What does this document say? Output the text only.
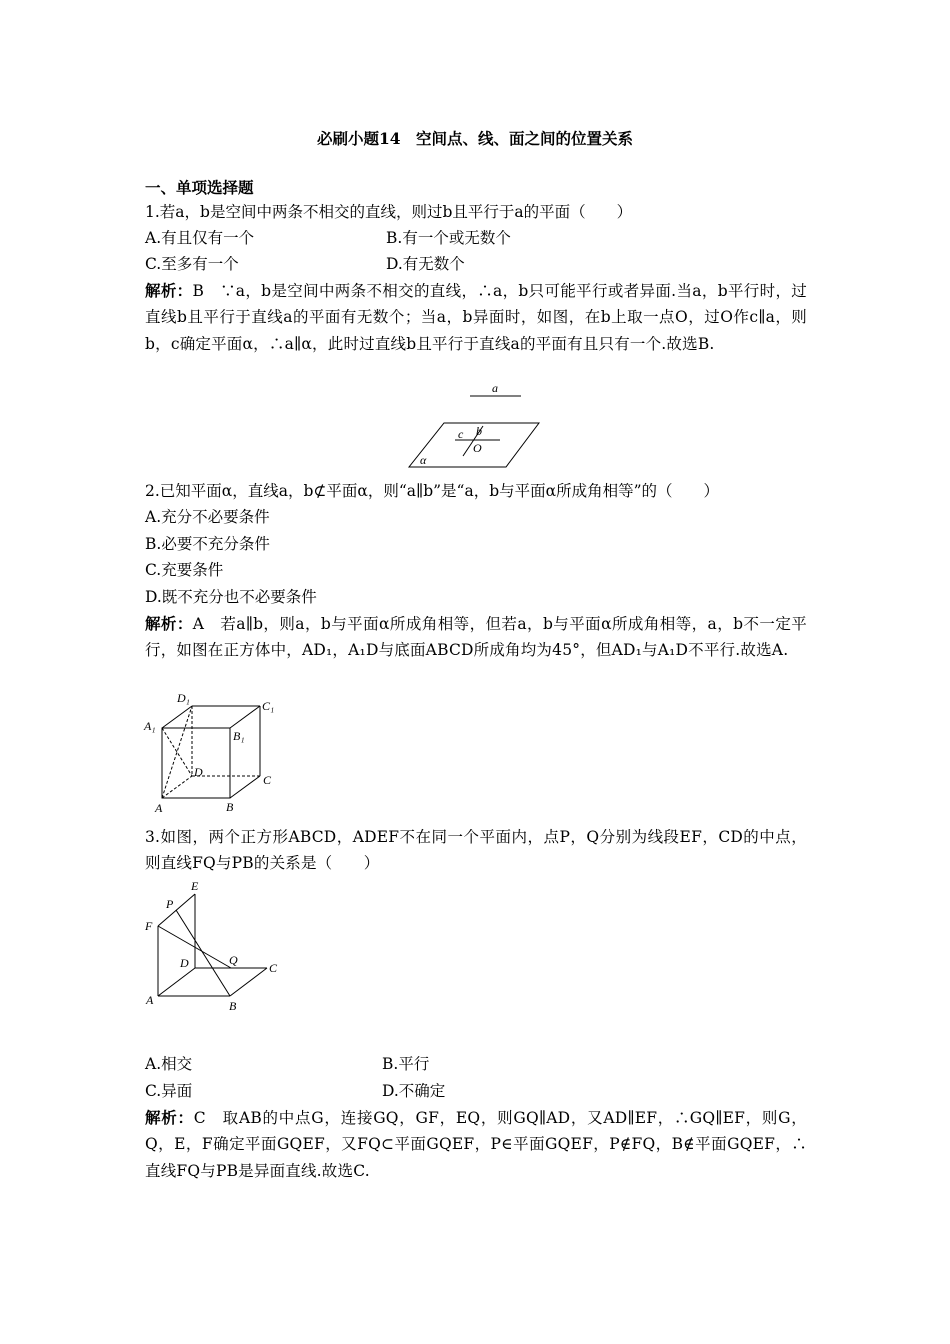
必刷小题14　空间点、线、面之间的位置关系
一、单项选择题
1.若a，b是空间中两条不相交的直线，则过b且平行于a的平面（　　）
A.有且仅有一个	B.有一个或无数个
C.至多有一个	D.有无数个
解析：B　∵a，b是空间中两条不相交的直线，∴a，b只可能平行或者异面.当a，b平行时，过直线b且平行于直线a的平面有无数个；当a，b异面时，如图，在b上取一点O，过O作c∥a，则b，c确定平面α，∴a∥α，此时过直线b且平行于直线a的平面有且只有一个.故选B.
a
c b
O
α
2.已知平面α，直线a，b⊄平面α，则“a∥b”是“a，b与平面α所成角相等”的（　　）
A.充分不必要条件
B.必要不充分条件
C.充要条件
D.既不充分也不必要条件
解析：A　若a∥b，则a，b与平面α所成角相等，但若a，b与平面α所成角相等，a，b不一定平行，如图在正方体中，AD₁，A₁D与底面ABCD所成角均为45°，但AD₁与A₁D不平行.故选A.
D₁
C₁
A₁
B₁
D
C
A	B
3.如图，两个正方形ABCD，ADEF不在同一个平面内，点P，Q分别为线段EF，CD的中点，则直线FQ与PB的关系是（　　）
E
P
F
D	Q
C
A	B
A.相交	B.平行
C.异面	D.不确定
解析：C　取AB的中点G，连接GQ，GF，EQ，则GQ∥AD，又AD∥EF，∴GQ∥EF，则G，Q，E，F确定平面GQEF，又FQ⊂平面GQEF，P∈平面GQEF，P∉FQ，B∉平面GQEF，∴直线FQ与PB是异面直线.故选C.
